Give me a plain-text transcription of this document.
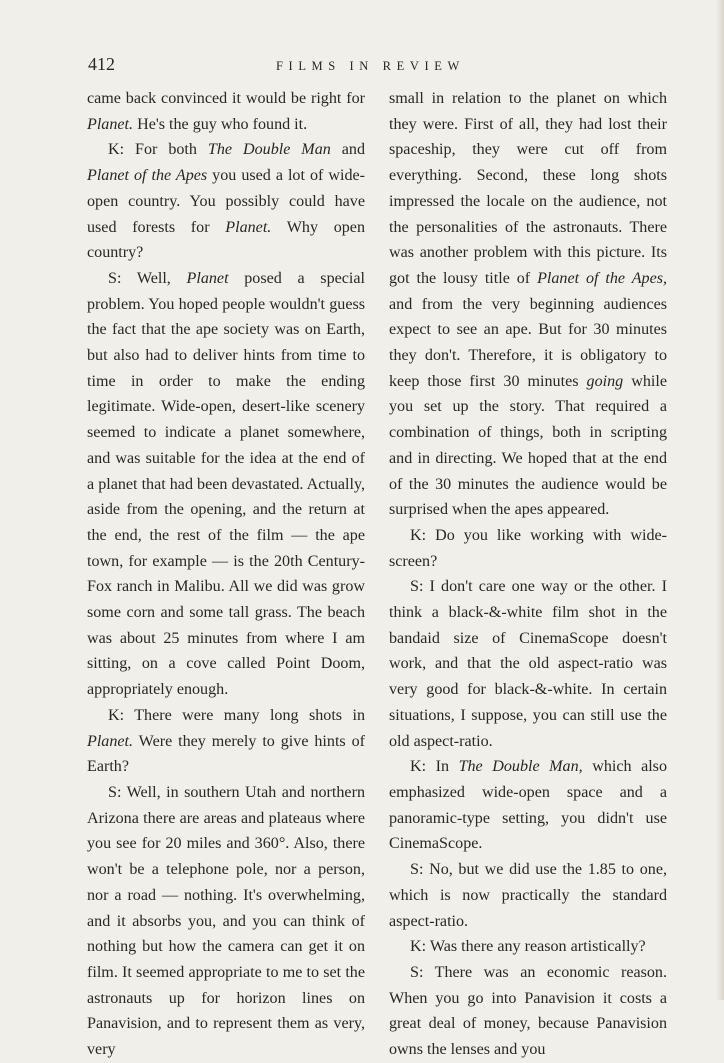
412	FILMS IN REVIEW

came back convinced it would be right for Planet. He's the guy who found it.

K: For both The Double Man and Planet of the Apes you used a lot of wide-open country. You possibly could have used forests for Planet. Why open country?

S: Well, Planet posed a special problem. You hoped people wouldn't guess the fact that the ape society was on Earth, but also had to deliver hints from time to time in order to make the ending legitimate. Wide-open, desert-like scenery seemed to indicate a planet somewhere, and was suitable for the idea at the end of a planet that had been devastated. Actually, aside from the opening, and the return at the end, the rest of the film — the ape town, for example — is the 20th Century-Fox ranch in Malibu. All we did was grow some corn and some tall grass. The beach was about 25 minutes from where I am sitting, on a cove called Point Doom, appropriately enough.

K: There were many long shots in Planet. Were they merely to give hints of Earth?

S: Well, in southern Utah and northern Arizona there are areas and plateaus where you see for 20 miles and 360°. Also, there won't be a telephone pole, nor a person, nor a road — nothing. It's overwhelming, and it absorbs you, and you can think of nothing but how the camera can get it on film. It seemed appropriate to me to set the astronauts up for horizon lines on Panavision, and to represent them as very, very

small in relation to the planet on which they were. First of all, they had lost their spaceship, they were cut off from everything. Second, these long shots impressed the locale on the audience, not the personalities of the astronauts. There was another problem with this picture. Its got the lousy title of Planet of the Apes, and from the very beginning audiences expect to see an ape. But for 30 minutes they don't. Therefore, it is obligatory to keep those first 30 minutes going while you set up the story. That required a combination of things, both in scripting and in directing. We hoped that at the end of the 30 minutes the audience would be surprised when the apes appeared.

K: Do you like working with wide-screen?

S: I don't care one way or the other. I think a black-&-white film shot in the bandaid size of CinemaScope doesn't work, and that the old aspect-ratio was very good for black-&-white. In certain situations, I suppose, you can still use the old aspect-ratio.

K: In The Double Man, which also emphasized wide-open space and a panoramic-type setting, you didn't use CinemaScope.

S: No, but we did use the 1.85 to one, which is now practically the standard aspect-ratio.

K: Was there any reason artistically?

S: There was an economic reason. When you go into Panavision it costs a great deal of money, because Panavision owns the lenses and you
